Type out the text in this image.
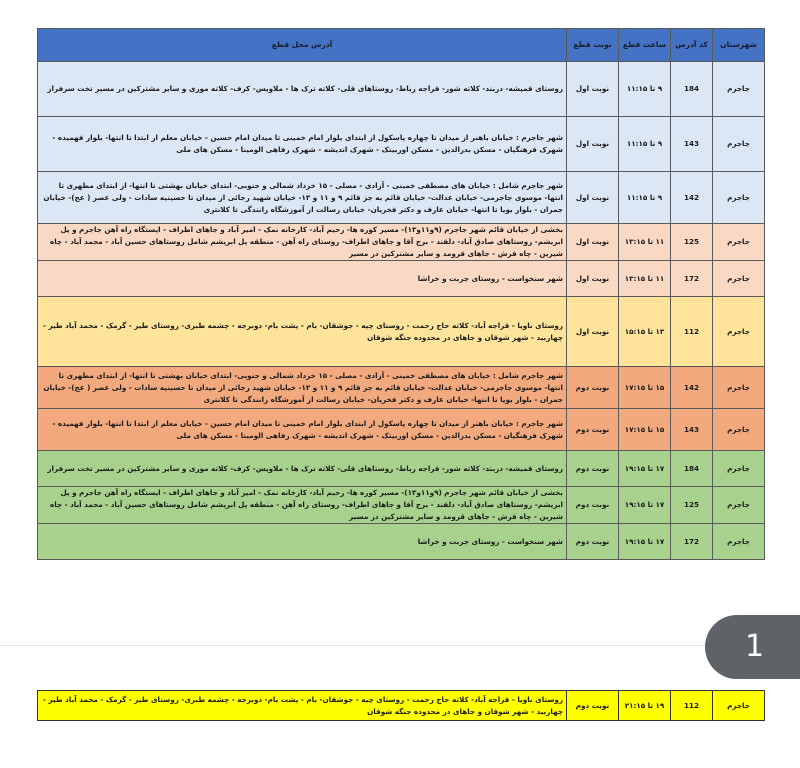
شهرستان	کد آدرس	ساعت قطع	نوبت قطع	آدرس محل قطع
جاجرم	184	۹ تا ۱۱:۱۵	نوبت اول	روستای قمیشه- دربند- کلاته شور- قراجه رباط- روستاهای قلی- کلاته ترک ها - ملاویس- کرف- کلاته موری و سایر مشترکین در مسیر تخت سرفراز
جاجرم	143	۹ تا ۱۱:۱۵	نوبت اول	شهر جاجرم : خیابان باهنر از میدان تا چهاره پاسکول از ابتدای بلوار امام خمینی تا میدان امام حسین - خیابان معلم از ابتدا تا انتها- بلوار فهمیده - شهرک فرهنگیان - مسکن بدرالدین - مسکن اوربیتک - شهرک اندیشه - شهرک رفاهی الومینا - مسکن های ملی
جاجرم	142	۹ تا ۱۱:۱۵	نوبت اول	شهر جاجرم شامل : خیابان های مصطفی خمینی - آزادی - مصلی - ۱۵ خرداد شمالی و جنوبی- ابتدای خیابان بهشتی تا انتها- از ابتدای مطهری تا انتها- موسوی جاجرمی- خیابان عدالت- خیابان قائم به جز قائم ۹ و ۱۱ و ۱۳- خیابان شهید رجائی از میدان تا حسینیه سادات - ولی عصر ( عج)- خیابان جمران - بلوار بویا تا انتها- خیابان عارف و دکتر فخریان- خیابان رسالت از آموزشگاه رانندگی تا کلانتری
جاجرم	125	۱۱ تا ۱۳:۱۵	نوبت اول	بخشی از خیابان قائم شهر جاجرم (۹و۱۱و۱۳)- مسیر کوره ها- رحیم آباد- کارخانه نمک - امیر آباد و جاهای اطراف - ایستگاه راه آهن جاجرم و پل ابریشم- روستاهای صادق آباد- دلقند - برج آقا و جاهای اطراف- روستای راه آهن - منطقه پل ابریشم شامل روستاهای حسین آباد - محمد آباد - چاه شیرین - چاه قرش - جاهای قرومد و سایر مشترکین در مسیر
جاجرم	172	۱۱ تا ۱۳:۱۵	نوبت اول	شهر سنخواست - روستای جربت و خراشا
جاجرم	112	۱۳ تا ۱۵:۱۵	نوبت اول	روستای ناویا - قراجه آباد- کلاته حاج رحمت - روستای چیه - جوشقان- بام - پشت بام- دوبرجه - چشمه طبری- روستای طیر - گرمک - محمد آباد طیر - چهاربید - شهر شوقان و جاهای در محدوده جنگه شوقان
جاجرم	142	۱۵ تا ۱۷:۱۵	نوبت دوم	شهر جاجرم شامل : خیابان های مصطفی خمینی - آزادی - مصلی - ۱۵ خرداد شمالی و جنوبی- ابتدای خیابان بهشتی تا انتها- از ابتدای مطهری تا انتها- موسوی جاجرمی- خیابان عدالت- خیابان قائم به جز قائم ۹ و ۱۱ و ۱۳- خیابان شهید رجائی از میدان تا حسینیه سادات - ولی عصر ( عج)- خیابان جمران - بلوار بویا تا انتها- خیابان عارف و دکتر فخریان- خیابان رسالت از آموزشگاه رانندگی تا کلانتری
جاجرم	143	۱۵ تا ۱۷:۱۵	نوبت دوم	شهر جاجرم : خیابان باهنر از میدان تا چهاره پاسکول از ابتدای بلوار امام خمینی تا میدان امام حسین - خیابان معلم از ابتدا تا انتها- بلوار فهمیده - شهرک فرهنگیان - مسکن بدرالدین - مسکن اوربیتک - شهرک اندیشه - شهرک رفاهی الومینا - مسکن های ملی
جاجرم	184	۱۷ تا ۱۹:۱۵	نوبت دوم	روستای قمیشه- دربند- کلاته شور- قراجه رباط- روستاهای قلی- کلاته ترک ها - ملاویس- کرف- کلاته موری و سایر مشترکین در مسیر تخت سرفراز
جاجرم	125	۱۷ تا ۱۹:۱۵	نوبت دوم	بخشی از خیابان قائم شهر جاجرم (۹و۱۱و۱۳)- مسیر کوره ها- رحیم آباد- کارخانه نمک - امیر آباد و جاهای اطراف - ایستگاه راه آهن جاجرم و پل ابریشم- روستاهای صادق آباد- دلقند - برج آقا و جاهای اطراف- روستای راه آهن - منطقه پل ابریشم شامل روستاهای حسین آباد - محمد آباد - چاه شیرین - چاه قرش - جاهای قرومد و سایر مشترکین در مسیر
جاجرم	172	۱۷ تا ۱۹:۱۵	نوبت دوم	شهر سنخواست - روستای جربت و خراشا
1
جاجرم	112	۱۹ تا ۲۱:۱۵	نوبت دوم	روستای ناویا - قراجه آباد- کلاته حاج رحمت - روستای چیه - جوشقان- بام - پشت بام- دوبرجه - چشمه طبری- روستای طیر - گرمک - محمد آباد طیر - چهاربید - شهر شوقان و جاهای در محدوده جنگه شوقان
